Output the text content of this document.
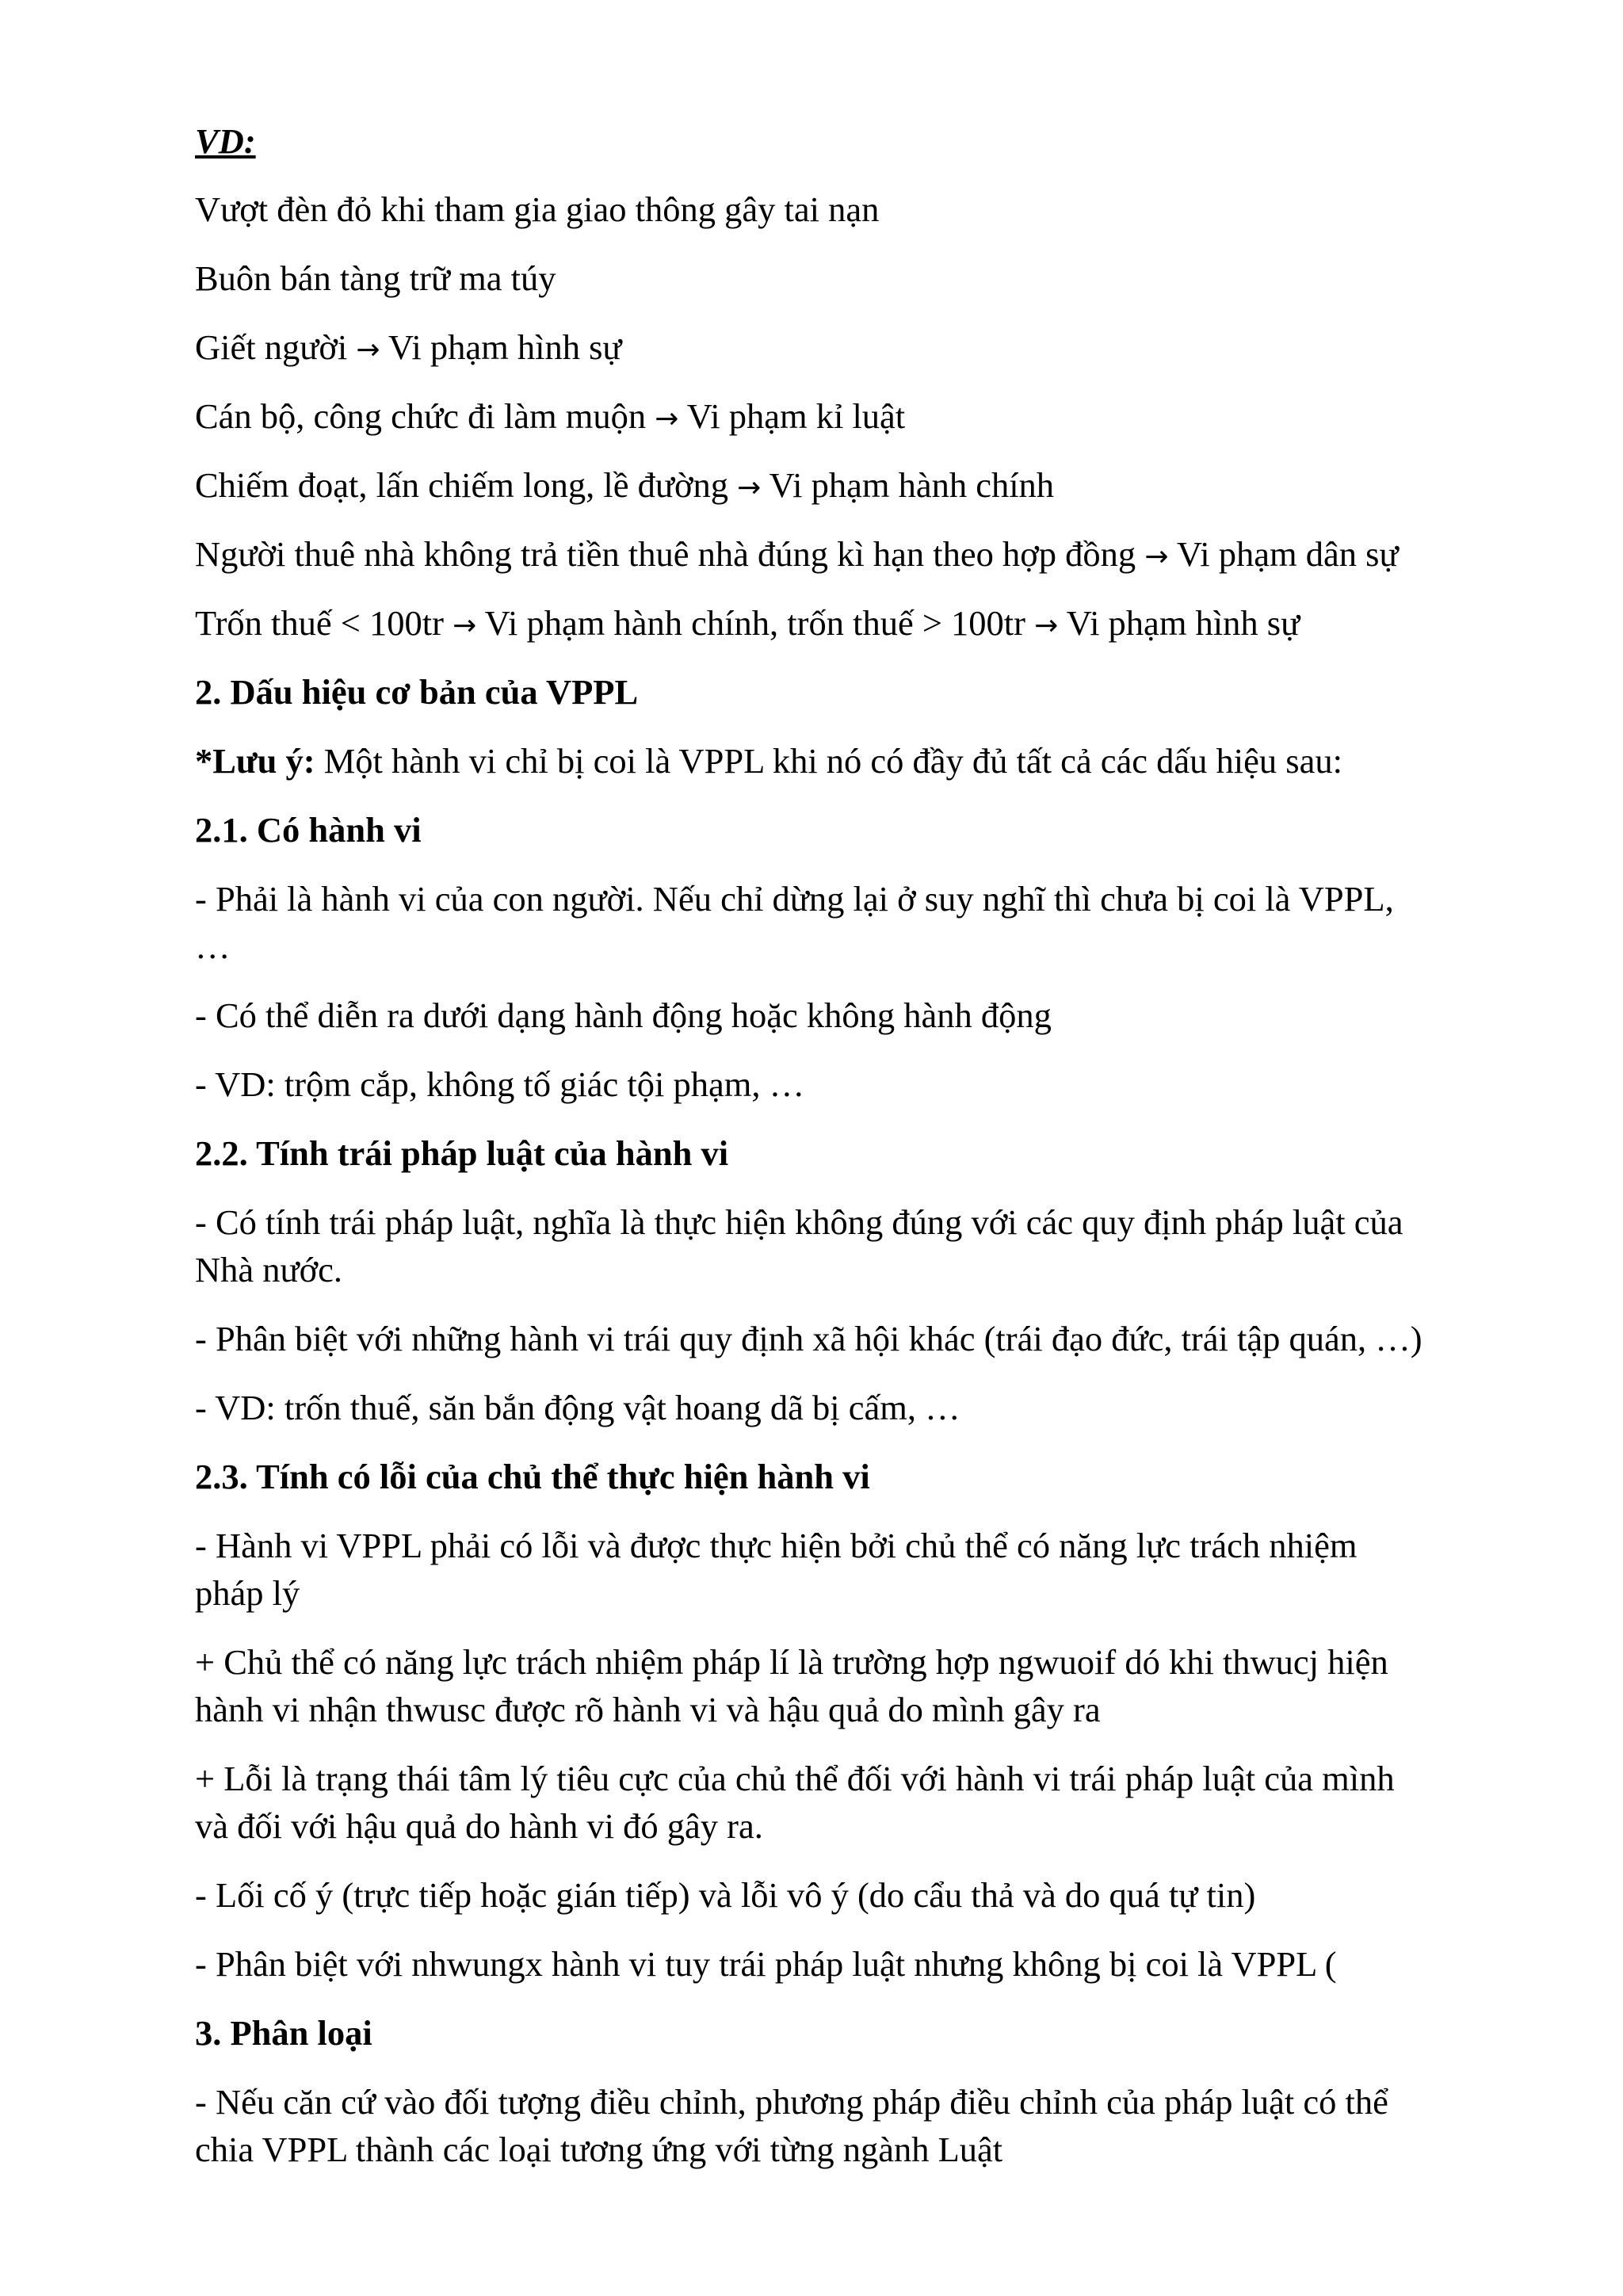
VD:
Vượt đèn đỏ khi tham gia giao thông gây tai nạn
Buôn bán tàng trữ ma túy
Giết người → Vi phạm hình sự
Cán bộ, công chức đi làm muộn → Vi phạm kỉ luật
Chiếm đoạt, lấn chiếm long, lề đường → Vi phạm hành chính
Người thuê nhà không trả tiền thuê nhà đúng kì hạn theo hợp đồng → Vi phạm dân sự
Trốn thuế < 100tr → Vi phạm hành chính, trốn thuế > 100tr → Vi phạm hình sự
2. Dấu hiệu cơ bản của VPPL
*Lưu ý: Một hành vi chỉ bị coi là VPPL khi nó có đầy đủ tất cả các dấu hiệu sau:
2.1. Có hành vi
- Phải là hành vi của con người. Nếu chỉ dừng lại ở suy nghĩ thì chưa bị coi là VPPL,
…
- Có thể diễn ra dưới dạng hành động hoặc không hành động
- VD: trộm cắp, không tố giác tội phạm, …
2.2. Tính trái pháp luật của hành vi
- Có tính trái pháp luật, nghĩa là thực hiện không đúng với các quy định pháp luật của
Nhà nước.
- Phân biệt với những hành vi trái quy định xã hội khác (trái đạo đức, trái tập quán, …)
- VD: trốn thuế, săn bắn động vật hoang dã bị cấm, …
2.3. Tính có lỗi của chủ thể thực hiện hành vi
- Hành vi VPPL phải có lỗi và được thực hiện bởi chủ thể có năng lực trách nhiệm
pháp lý
+ Chủ thể có năng lực trách nhiệm pháp lí là trường hợp ngwuoif dó khi thwucj hiện
hành vi nhận thwusc được rõ hành vi và hậu quả do mình gây ra
+ Lỗi là trạng thái tâm lý tiêu cực của chủ thể đối với hành vi trái pháp luật của mình
và đối với hậu quả do hành vi đó gây ra.
- Lối cố ý (trực tiếp hoặc gián tiếp) và lỗi vô ý (do cẩu thả và do quá tự tin)
- Phân biệt với nhwungx hành vi tuy trái pháp luật nhưng không bị coi là VPPL (
3. Phân loại
- Nếu căn cứ vào đối tượng điều chỉnh, phương pháp điều chỉnh của pháp luật có thể
chia VPPL thành các loại tương ứng với từng ngành Luật
